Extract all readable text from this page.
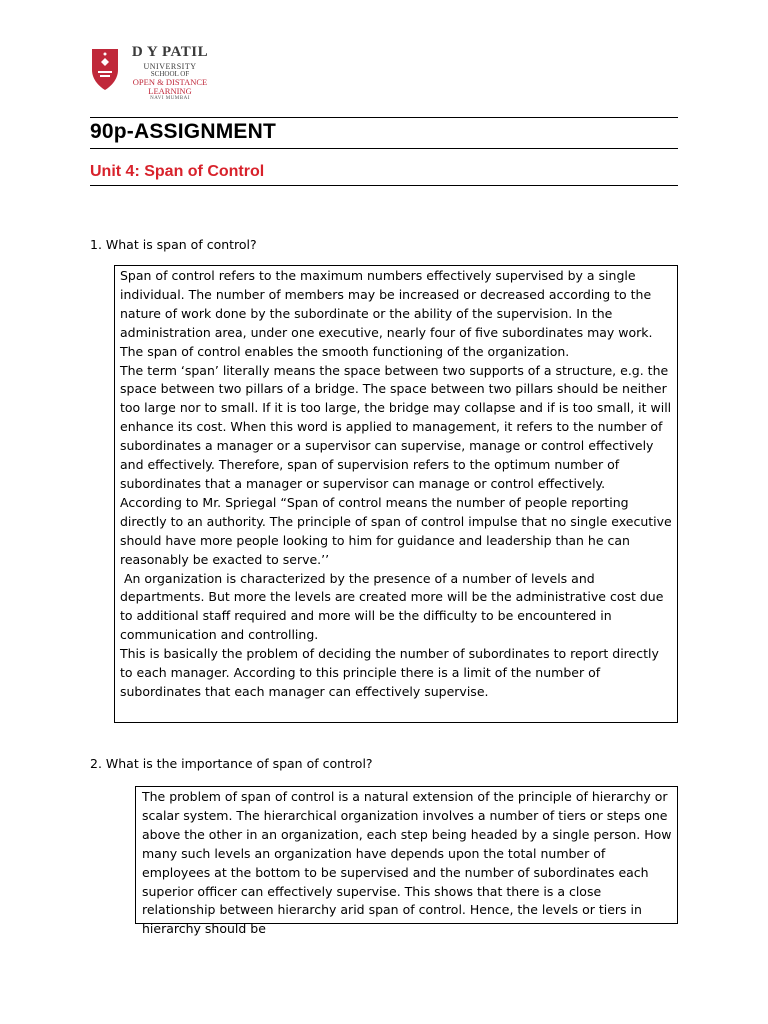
D Y PATIL
UNIVERSITY
SCHOOL OF
OPEN & DISTANCE
LEARNING
NAVI MUMBAI
90p-ASSIGNMENT
Unit 4: Span of Control
1. What is span of control?

Span of control refers to the maximum numbers effectively supervised by a single individual. The number of members may be increased or decreased according to the nature of work done by the subordinate or the ability of the supervision. In the administration area, under one executive, nearly four of five subordinates may work. The span of control enables the smooth functioning of the organization.

The term ‘span’ literally means the space between two supports of a structure, e.g. the space between two pillars of a bridge. The space between two pillars should be neither too large nor to small. If it is too large, the bridge may collapse and if is too small, it will enhance its cost. When this word is applied to management, it refers to the number of subordinates a manager or a supervisor can supervise, manage or control effectively and effectively. Therefore, span of supervision refers to the optimum number of subordinates that a manager or supervisor can manage or control effectively.

According to Mr. Spriegal “Span of control means the number of people reporting directly to an authority. The principle of span of control impulse that no single executive should have more people looking to him for guidance and leadership than he can reasonably be exacted to serve.’’

An organization is characterized by the presence of a number of levels and departments. But more the levels are created more will be the administrative cost due to additional staff required and more will be the difficulty to be encountered in communication and controlling.

This is basically the problem of deciding the number of subordinates to report directly to each manager. According to this principle there is a limit of the number of subordinates that each manager can effectively supervise.

2. What is the importance of span of control?

The problem of span of control is a natural extension of the principle of hierarchy or scalar system. The hierarchical organization involves a number of tiers or steps one above the other in an organization, each step being headed by a single person. How many such levels an organization have depends upon the total number of employees at the bottom to be supervised and the number of subordinates each superior officer can effectively supervise. This shows that there is a close relationship between hierarchy arid span of control. Hence, the levels or tiers in hierarchy should be
